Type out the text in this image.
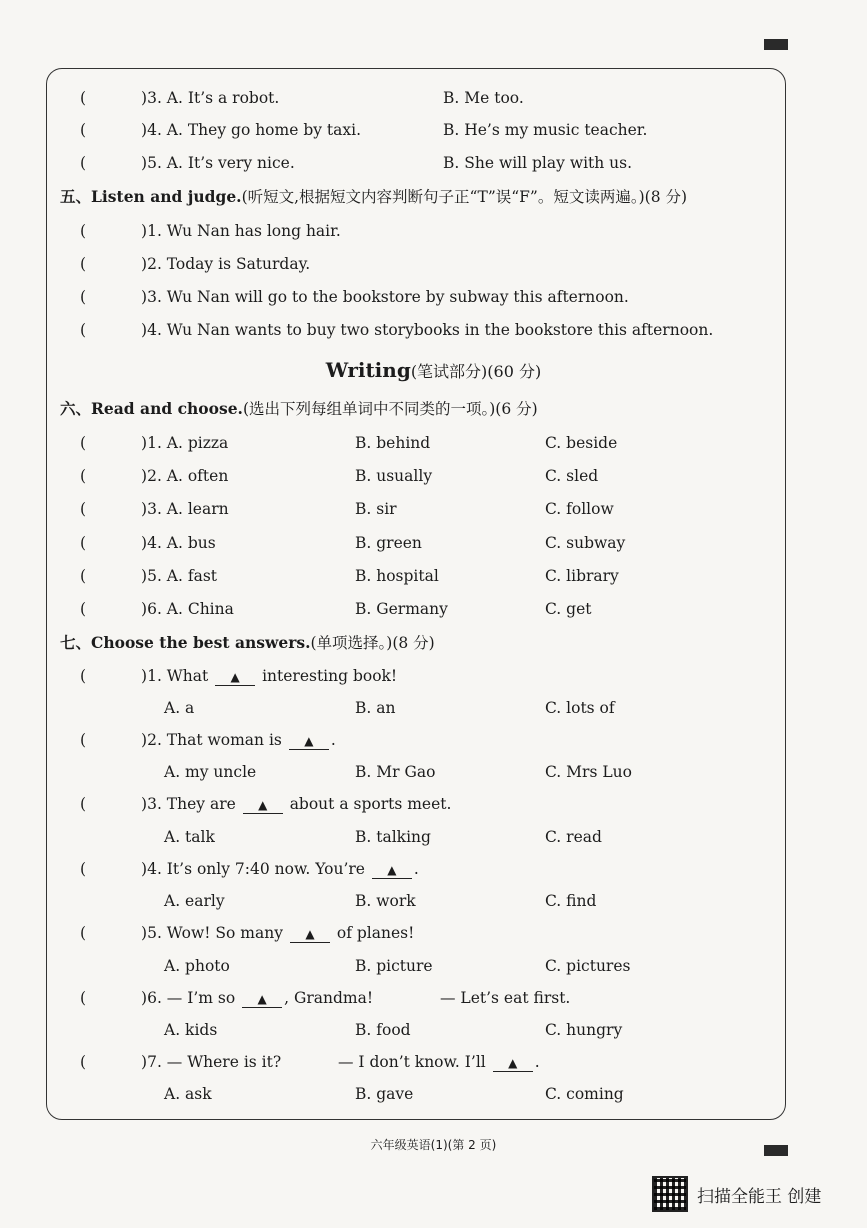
(	)3. A. It’s a robot.	B. Me too.
(	)4. A. They go home by taxi.	B. He’s my music teacher.
(	)5. A. It’s very nice.	B. She will play with us.
五、Listen and judge.(听短文,根据短文内容判断句子正“T”误“F”。短文读两遍。)(8 分)
(	)1. Wu Nan has long hair.
(	)2. Today is Saturday.
(	)3. Wu Nan will go to the bookstore by subway this afternoon.
(	)4. Wu Nan wants to buy two storybooks in the bookstore this afternoon.
Writing(笔试部分)(60 分)
六、Read and choose.(选出下列每组单词中不同类的一项。)(6 分)
(	)1. A. pizza	B. behind	C. beside
(	)2. A. often	B. usually	C. sled
(	)3. A. learn	B. sir	C. follow
(	)4. A. bus	B. green	C. subway
(	)5. A. fast	B. hospital	C. library
(	)6. A. China	B. Germany	C. get
七、Choose the best answers.(单项选择。)(8 分)
(	)1. What ▲ interesting book!
A. a	B. an	C. lots of
(	)2. That woman is ▲ .
A. my uncle	B. Mr Gao	C. Mrs Luo
(	)3. They are ▲ about a sports meet.
A. talk	B. talking	C. read
(	)4. It’s only 7:40 now. You’re ▲ .
A. early	B. work	C. find
(	)5. Wow! So many ▲ of planes!
A. photo	B. picture	C. pictures
(	)6. — I’m so ▲ , Grandma!	— Let’s eat first.
A. kids	B. food	C. hungry
(	)7. — Where is it?	— I don’t know. I’ll ▲ .
A. ask	B. gave	C. coming
六年级英语(1)(第 2 页)
扫描全能王 创建
